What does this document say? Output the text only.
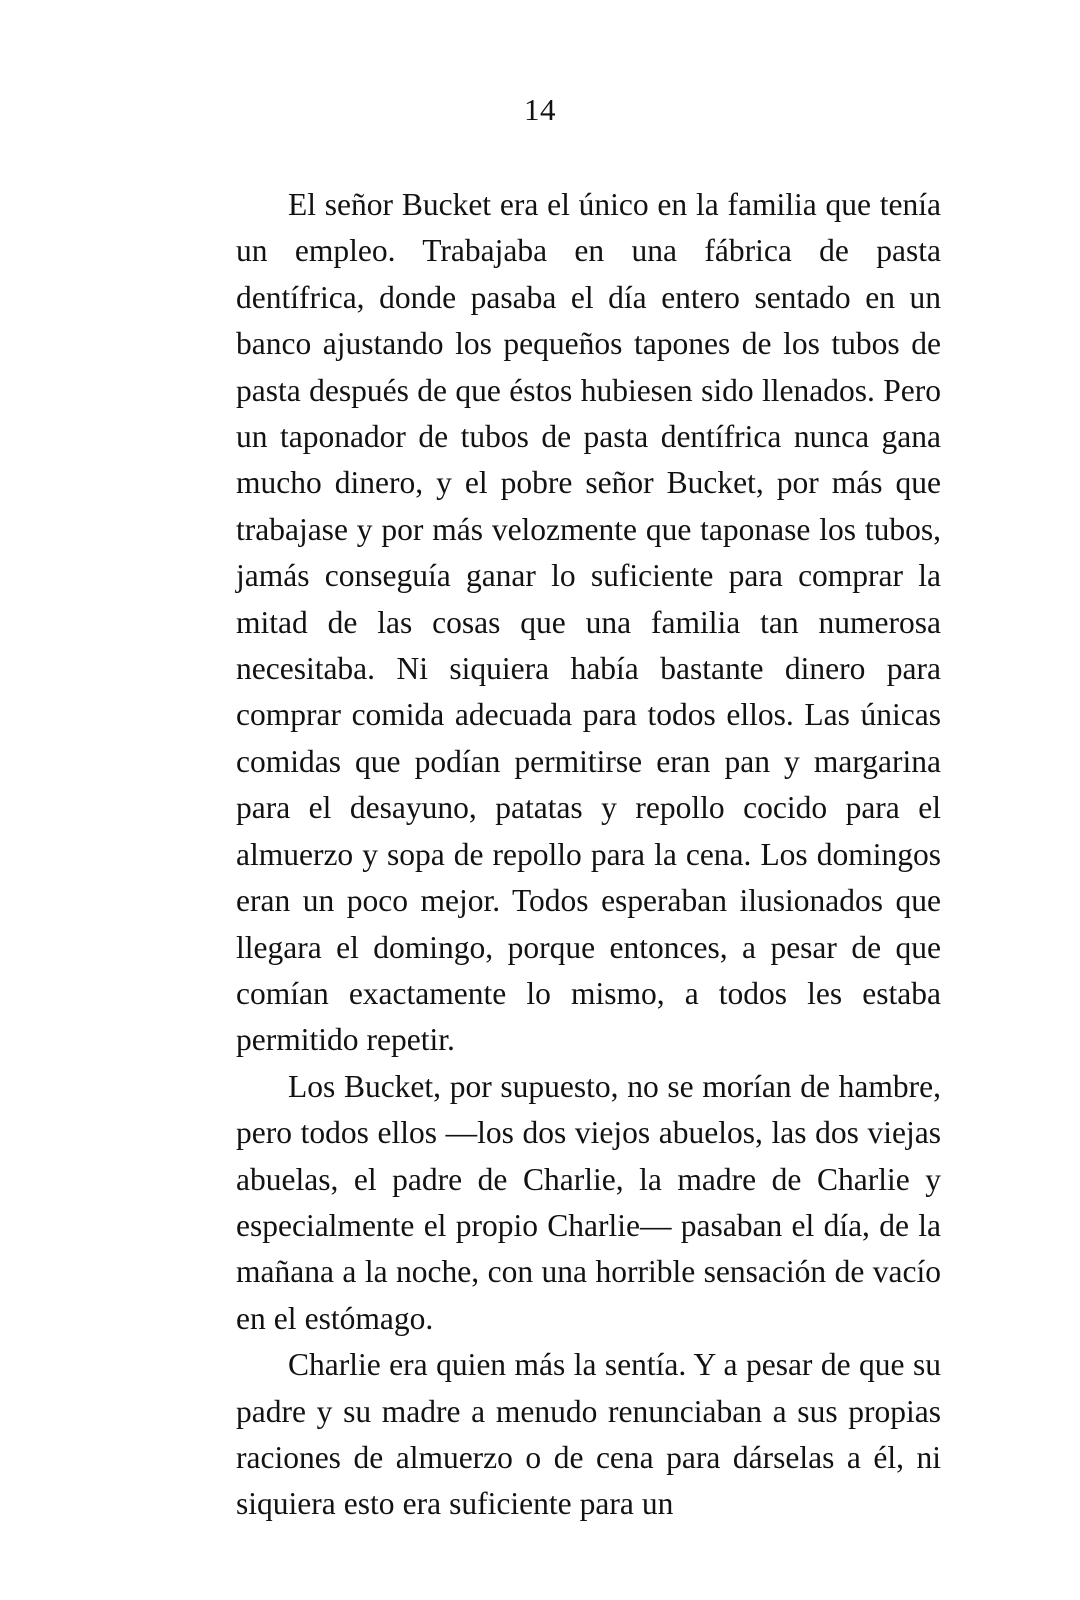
14

El señor Bucket era el único en la familia que tenía un empleo. Trabajaba en una fábrica de pasta dentífrica, donde pasaba el día entero sentado en un banco ajustando los pequeños tapones de los tubos de pasta después de que éstos hubiesen sido llenados. Pero un taponador de tubos de pasta dentífrica nunca gana mucho dinero, y el pobre señor Bucket, por más que trabajase y por más velozmente que taponase los tubos, jamás conseguía ganar lo suficiente para comprar la mitad de las cosas que una familia tan numerosa necesitaba. Ni siquiera había bastante dinero para comprar comida adecuada para todos ellos. Las únicas comidas que podían permitirse eran pan y margarina para el desayuno, patatas y repollo cocido para el almuerzo y sopa de repollo para la cena. Los domingos eran un poco mejor. Todos esperaban ilusionados que llegara el domingo, porque entonces, a pesar de que comían exactamente lo mismo, a todos les estaba permitido repetir.

Los Bucket, por supuesto, no se morían de hambre, pero todos ellos —los dos viejos abuelos, las dos viejas abuelas, el padre de Charlie, la madre de Charlie y especialmente el propio Charlie— pasaban el día, de la mañana a la noche, con una horrible sensación de vacío en el estómago.

Charlie era quien más la sentía. Y a pesar de que su padre y su madre a menudo renunciaban a sus propias raciones de almuerzo o de cena para dárselas a él, ni siquiera esto era suficiente para un
